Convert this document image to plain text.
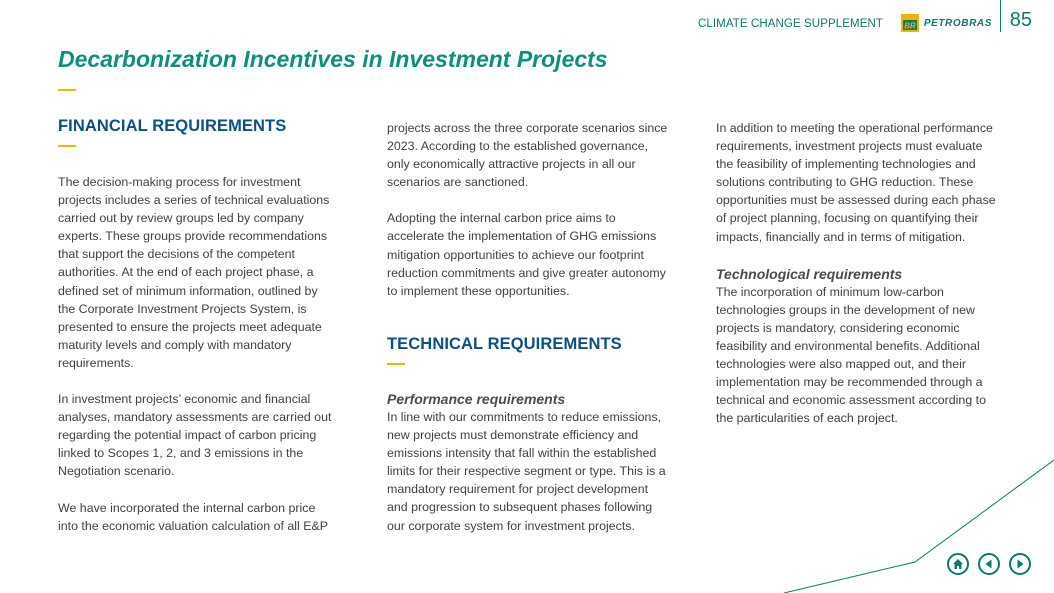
CLIMATE CHANGE SUPPLEMENT	BR PETROBRAS 85
Decarbonization Incentives in Investment Projects
FINANCIAL REQUIREMENTS

The decision-making process for investment projects includes a series of technical evaluations carried out by review groups led by company experts. These groups provide recommendations that support the decisions of the competent authorities. At the end of each project phase, a defined set of minimum information, outlined by the Corporate Investment Projects System, is presented to ensure the projects meet adequate maturity levels and comply with mandatory requirements.

In investment projects’ economic and financial analyses, mandatory assessments are carried out regarding the potential impact of carbon pricing linked to Scopes 1, 2, and 3 emissions in the Negotiation scenario.

We have incorporated the internal carbon price into the economic valuation calculation of all E&P

projects across the three corporate scenarios since 2023. According to the established governance, only economically attractive projects in all our scenarios are sanctioned.

Adopting the internal carbon price aims to accelerate the implementation of GHG emissions mitigation opportunities to achieve our footprint reduction commitments and give greater autonomy to implement these opportunities.

TECHNICAL REQUIREMENTS
Performance requirements

In line with our commitments to reduce emissions, new projects must demonstrate efficiency and emissions intensity that fall within the established limits for their respective segment or type. This is a mandatory requirement for project development and progression to subsequent phases following our corporate system for investment projects.

In addition to meeting the operational performance requirements, investment projects must evaluate the feasibility of implementing technologies and solutions contributing to GHG reduction. These opportunities must be assessed during each phase of project planning, focusing on quantifying their impacts, financially and in terms of mitigation.

Technological requirements

The incorporation of minimum low-carbon technologies groups in the development of new projects is mandatory, considering economic feasibility and environmental benefits. Additional technologies were also mapped out, and their implementation may be recommended through a technical and economic assessment according to the particularities of each project.
